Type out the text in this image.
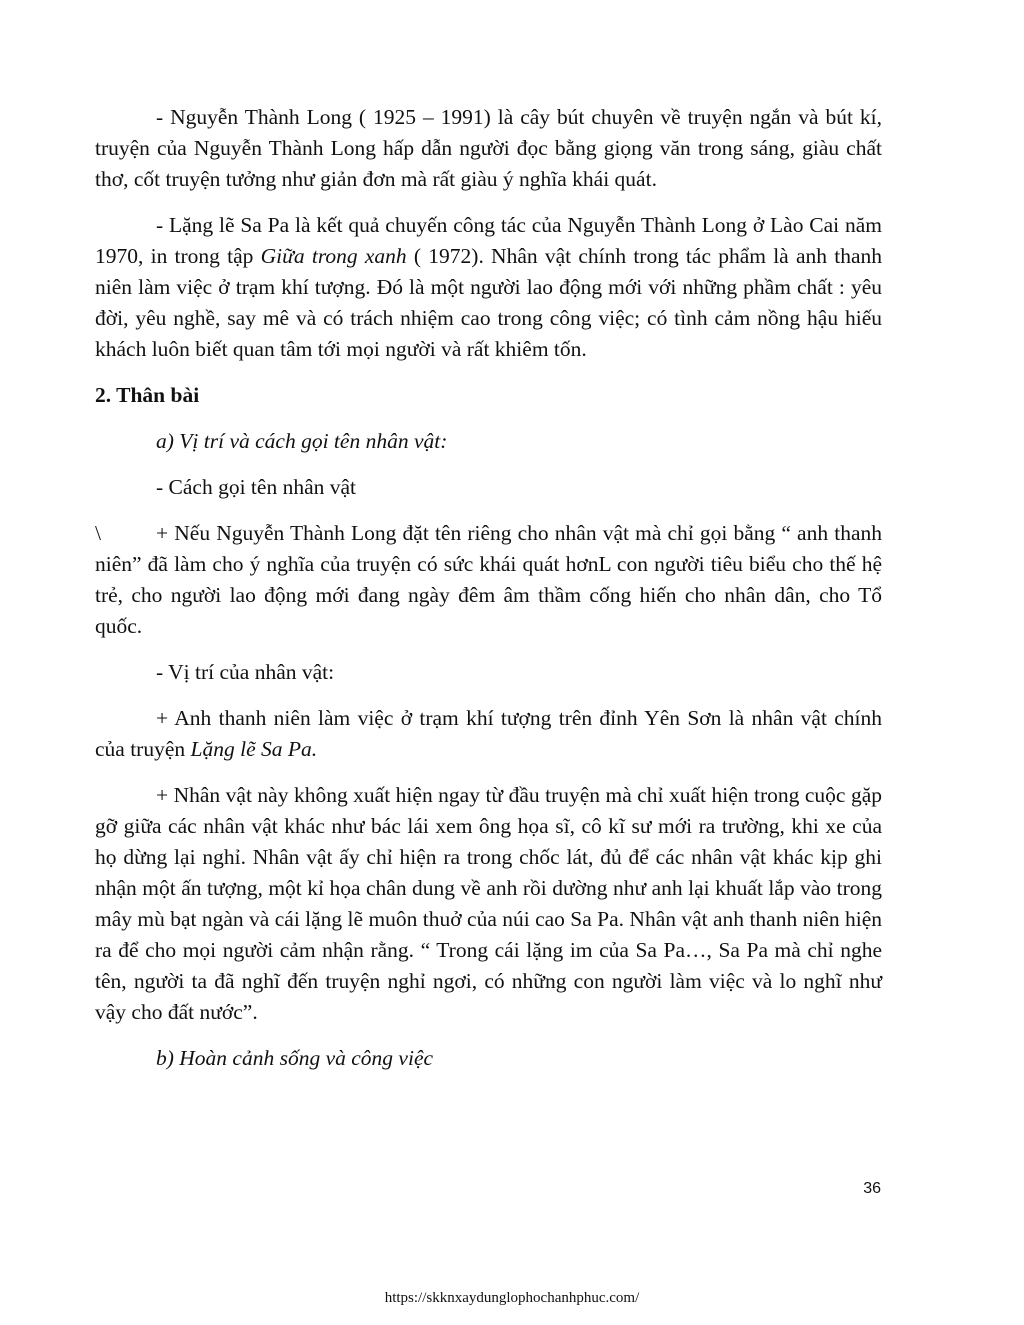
- Nguyễn Thành Long ( 1925 – 1991) là cây bút chuyên về truyện ngắn và bút kí, truyện của Nguyễn Thành Long hấp dẫn người đọc bằng giọng văn trong sáng, giàu chất thơ, cốt truyện tưởng như giản đơn mà rất giàu ý nghĩa khái quát.

- Lặng lẽ Sa Pa là kết quả chuyến công tác của Nguyễn Thành Long ở Lào Cai năm 1970, in trong tập Giữa trong xanh ( 1972). Nhân vật chính trong tác phẩm là anh thanh niên làm việc ở trạm khí tượng. Đó là một người lao động mới với những phầm chất : yêu đời, yêu nghề, say mê và có trách nhiệm cao trong công việc; có tình cảm nồng hậu hiếu khách luôn biết quan tâm tới mọi người và rất khiêm tốn.

2. Thân bài

a) Vị trí và cách gọi tên nhân vật:

- Cách gọi tên nhân vật

\	+ Nếu Nguyễn Thành Long đặt tên riêng cho nhân vật mà chỉ gọi bằng “ anh thanh niên” đã làm cho ý nghĩa của truyện có sức khái quát hơnL con người tiêu biểu cho thế hệ trẻ, cho người lao động mới đang ngày đêm âm thầm cống hiến cho nhân dân, cho Tổ quốc.

- Vị trí của nhân vật:

+ Anh thanh niên làm việc ở trạm khí tượng trên đỉnh Yên Sơn là nhân vật chính của truyện Lặng lẽ Sa Pa.

+ Nhân vật này không xuất hiện ngay từ đầu truyện mà chỉ xuất hiện trong cuộc gặp gỡ giữa các nhân vật khác như bác lái xem ông họa sĩ, cô kĩ sư mới ra trường, khi xe của họ dừng lại nghỉ. Nhân vật ấy chỉ hiện ra trong chốc lát, đủ để các nhân vật khác kịp ghi nhận một ấn tượng, một kỉ họa chân dung về anh rồi dường như anh lại khuất lắp vào trong mây mù bạt ngàn và cái lặng lẽ muôn thuở của núi cao Sa Pa. Nhân vật anh thanh niên hiện ra để cho mọi người cảm nhận rằng. “ Trong cái lặng im của Sa Pa…, Sa Pa mà chỉ nghe tên, người ta đã nghĩ đến truyện nghỉ ngơi, có những con người làm việc và lo nghĩ như vậy cho đất nước”.

b) Hoàn cảnh sống và công việc

36
https://skknxaydunglophochanhphuc.com/
